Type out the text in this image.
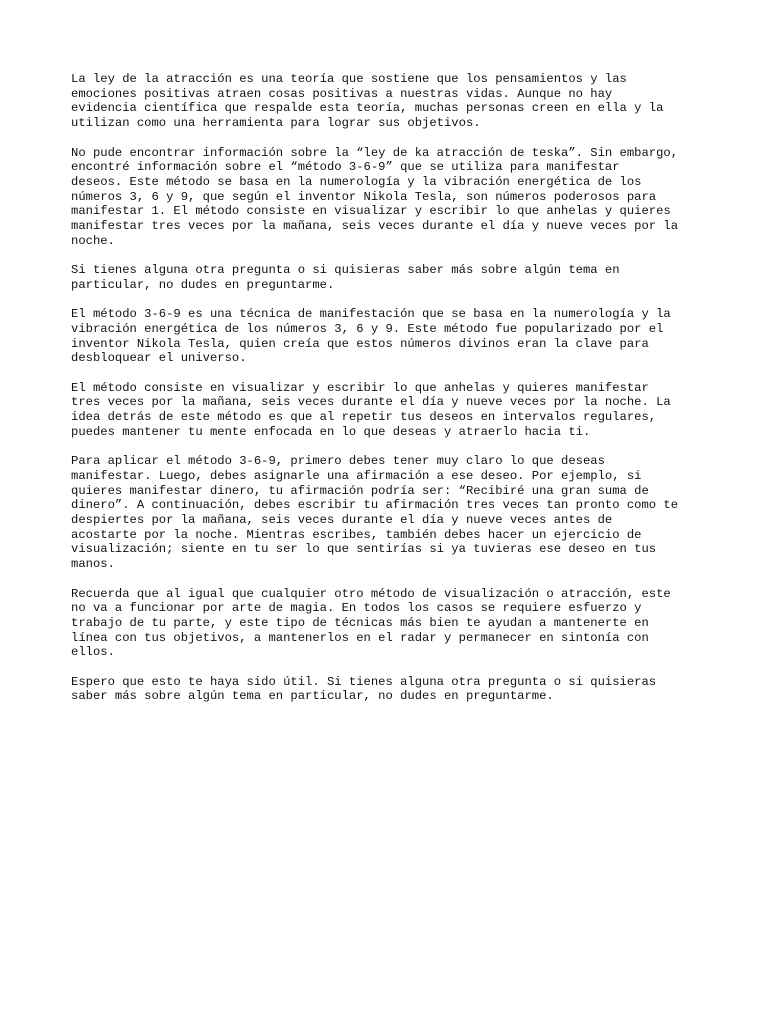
La ley de la atracción es una teoría que sostiene que los pensamientos y las
emociones positivas atraen cosas positivas a nuestras vidas. Aunque no hay
evidencia científica que respalde esta teoría, muchas personas creen en ella y la
utilizan como una herramienta para lograr sus objetivos.

No pude encontrar información sobre la “ley de ka atracción de teska”. Sin embargo,
encontré información sobre el “método 3-6-9” que se utiliza para manifestar
deseos. Este método se basa en la numerología y la vibración energética de los
números 3, 6 y 9, que según el inventor Nikola Tesla, son números poderosos para
manifestar 1. El método consiste en visualizar y escribir lo que anhelas y quieres
manifestar tres veces por la mañana, seis veces durante el día y nueve veces por la
noche.

Si tienes alguna otra pregunta o si quisieras saber más sobre algún tema en
particular, no dudes en preguntarme.

El método 3-6-9 es una técnica de manifestación que se basa en la numerología y la
vibración energética de los números 3, 6 y 9. Este método fue popularizado por el
inventor Nikola Tesla, quien creía que estos números divinos eran la clave para
desbloquear el universo.

El método consiste en visualizar y escribir lo que anhelas y quieres manifestar
tres veces por la mañana, seis veces durante el día y nueve veces por la noche. La
idea detrás de este método es que al repetir tus deseos en intervalos regulares,
puedes mantener tu mente enfocada en lo que deseas y atraerlo hacia ti.

Para aplicar el método 3-6-9, primero debes tener muy claro lo que deseas
manifestar. Luego, debes asignarle una afirmación a ese deseo. Por ejemplo, si
quieres manifestar dinero, tu afirmación podría ser: “Recibiré una gran suma de
dinero”. A continuación, debes escribir tu afirmación tres veces tan pronto como te
despiertes por la mañana, seis veces durante el día y nueve veces antes de
acostarte por la noche. Mientras escribes, también debes hacer un ejercicio de
visualización; siente en tu ser lo que sentirías si ya tuvieras ese deseo en tus
manos.

Recuerda que al igual que cualquier otro método de visualización o atracción, este
no va a funcionar por arte de magia. En todos los casos se requiere esfuerzo y
trabajo de tu parte, y este tipo de técnicas más bien te ayudan a mantenerte en
línea con tus objetivos, a mantenerlos en el radar y permanecer en sintonía con
ellos.

Espero que esto te haya sido útil. Si tienes alguna otra pregunta o si quisieras
saber más sobre algún tema en particular, no dudes en preguntarme.
